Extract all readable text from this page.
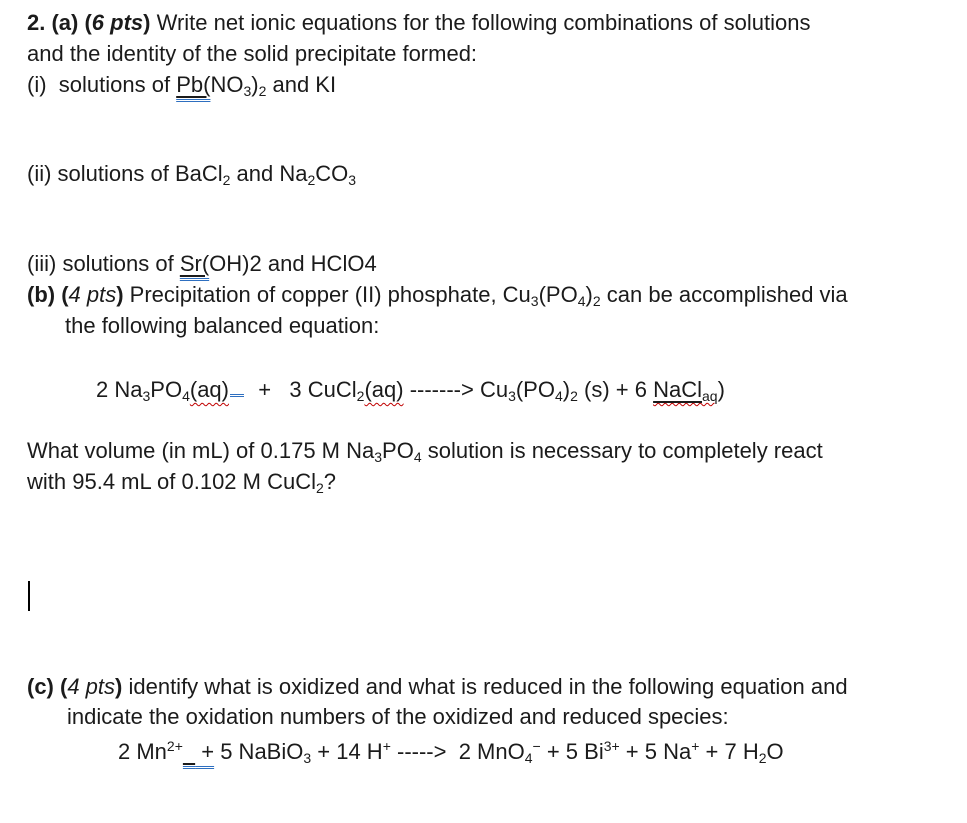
2. (a) (6 pts) Write net ionic equations for the following combinations of solutions
and the identity of the solid precipitate formed:
(i)  solutions of $Pb(NO_3)_2$ and KI
(ii) solutions of BaCl$_2$ and $Na_2CO_3$
(iii) solutions of Sr(OH)2 and HClO4
(b) (4 pts) Precipitation of copper (II) phosphate, $Cu_3(PO_4)_2$ can be accomplished via
the following balanced equation:
2 $Na_3PO_4(aq) + 3$ CuCl$_2$(aq) -------> $Cu_3(PO_4)_2$ (s) + 6 NaCl$_{aq}$)
What volume (in mL) of 0.175 M $Na_3PO_4$ solution is necessary to completely react
with 95.4 mL of 0.102 M CuCl$_2$?
(c) (4 pts) identify what is oxidized and what is reduced in the following equation and
indicate the oxidation numbers of the oxidized and reduced species:
2 $Mn^{2+} + 5$ NaBiO$_3$ + 14 H+ ----->  2 MnO$_4$− + 5 $Bi^{3+} + 5$ Na+ + 7 $H_2O$
